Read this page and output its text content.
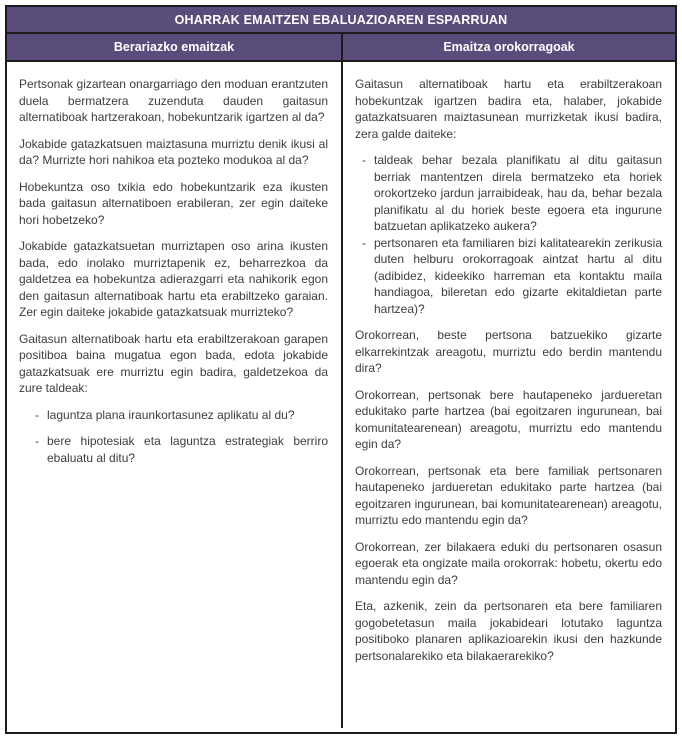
OHARRAK EMAITZEN EBALUAZIOAREN ESPARRUAN
Berariazko emaitzak	Emaitza orokorragoak

Pertsonak gizartean onargarriago den moduan erantzuten duela bermatzera zuzenduta dauden gaitasun alternatiboak hartzerakoan, hobekuntzarik igartzen al da?

Jokabide gatazkatsuen maiztasuna murriztu denik ikusi al da? Murrizte hori nahikoa eta pozteko modukoa al da?

Hobekuntza oso txikia edo hobekuntzarik eza ikusten bada gaitasun alternatiboen erabileran, zer egin daiteke hori hobetzeko?

Jokabide gatazkatsuetan murriztapen oso arina ikusten bada, edo inolako murriztapenik ez, beharrezkoa da galdetzea ea hobekuntza adierazgarri eta nahikorik egon den gaitasun alternatiboak hartu eta erabiltzeko garaian. Zer egin daiteke jokabide gatazkatsuak murrizteko?

Gaitasun alternatiboak hartu eta erabiltzerakoan garapen positiboa baina mugatua egon bada, edota jokabide gatazkatsuak ere murriztu egin badira, galdetzekoa da zure taldeak:

- laguntza plana iraunkortasunez aplikatu al du?
- bere hipotesiak eta laguntza estrategiak berriro ebaluatu al ditu?

Gaitasun alternatiboak hartu eta erabiltzerakoan hobekuntzak igartzen badira eta, halaber, jokabide gatazkatsuaren maiztasunean murrizketak ikusi badira, zera galde daiteke:

- taldeak behar bezala planifikatu al ditu gaitasun berriak mantentzen direla bermatzeko eta horiek orokortzeko jardun jarraibideak, hau da, behar bezala planifikatu al du horiek beste egoera eta ingurune batzuetan aplikatzeko aukera?
- pertsonaren eta familiaren bizi kalitatearekin zerikusia duten helburu orokorragoak aintzat hartu al ditu (adibidez, kideekiko harreman eta kontaktu maila handiagoa, bileretan edo gizarte ekitaldietan parte hartzea)?

Orokorrean, beste pertsona batzuekiko gizarte elkarrekintzak areagotu, murriztu edo berdin mantendu dira?

Orokorrean, pertsonak bere hautapeneko jardueretan edukitako parte hartzea (bai egoitzaren ingurunean, bai komunitatearenean) areagotu, murriztu edo mantendu egin da?

Orokorrean, pertsonak eta bere familiak pertsonaren hautapeneko jardueretan edukitako parte hartzea (bai egoitzaren ingurunean, bai komunitatearenean) areagotu, murriztu edo mantendu egin da?

Orokorrean, zer bilakaera eduki du pertsonaren osasun egoerak eta ongizate maila orokorrak: hobetu, okertu edo mantendu egin da?

Eta, azkenik, zein da pertsonaren eta bere familiaren gogobetetasun maila jokabideari lotutako laguntza positiboko planaren aplikazioarekin ikusi den hazkunde pertsonalarekiko eta bilakaerarekiko?
